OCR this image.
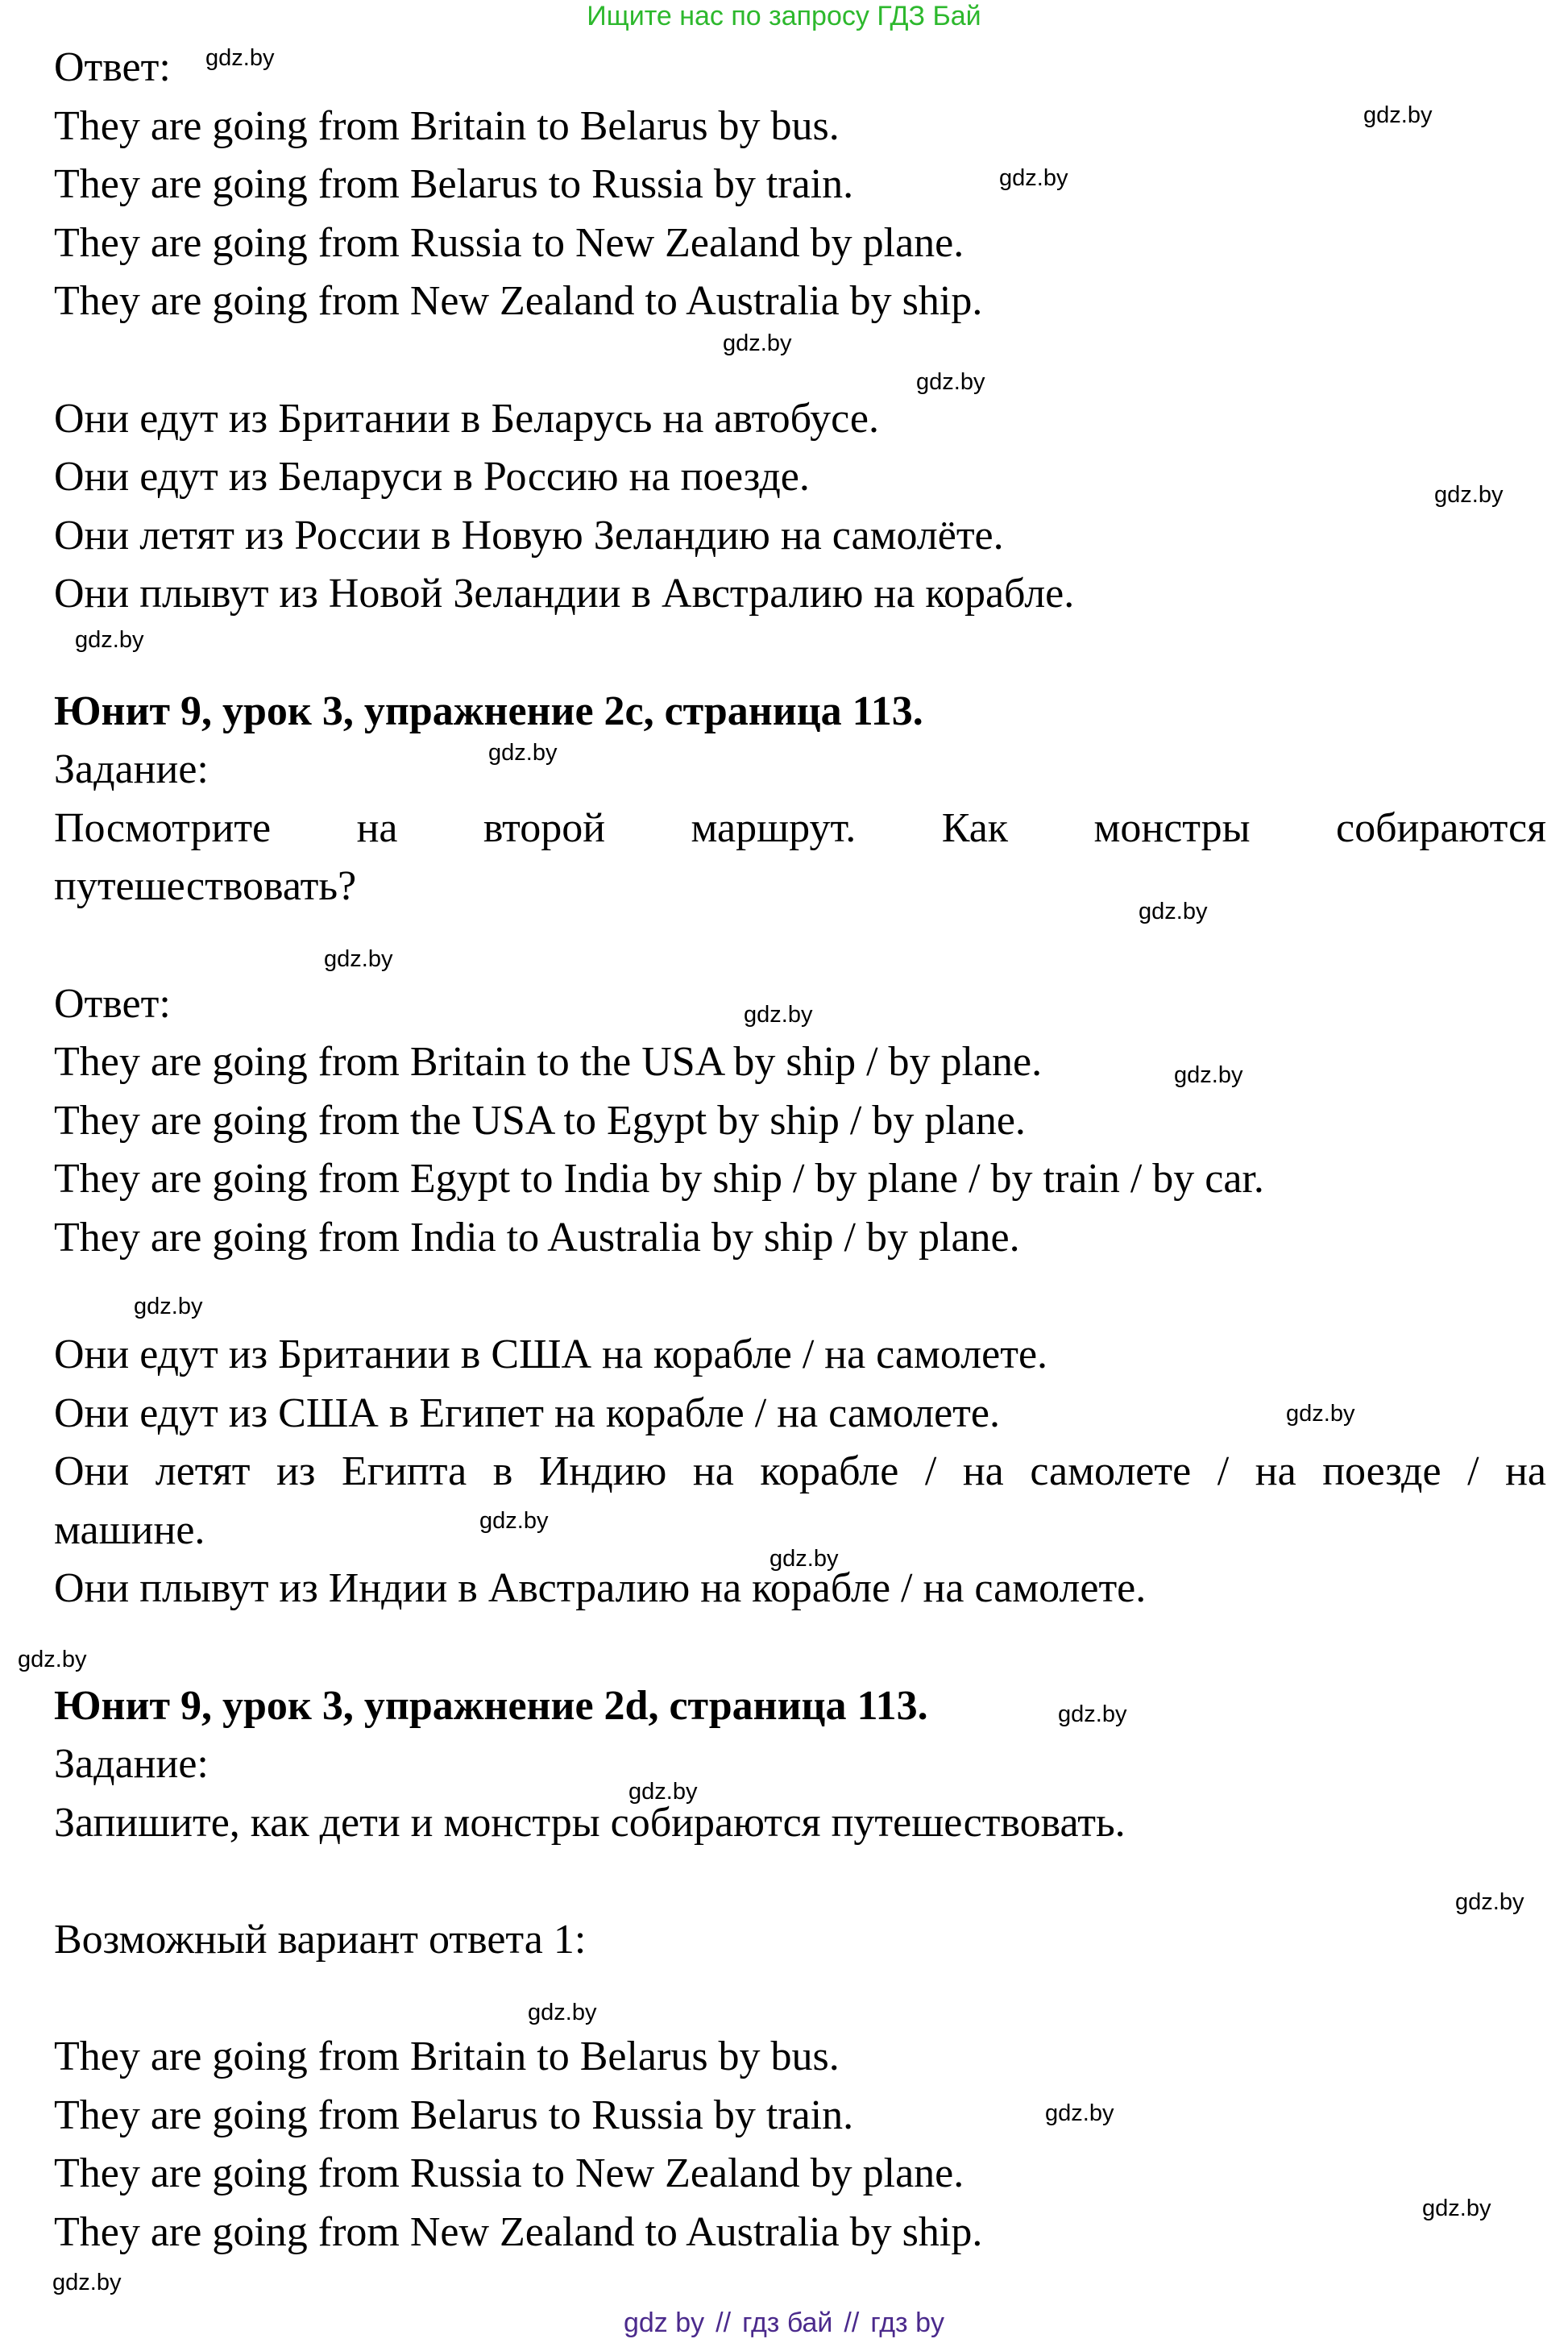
Ищите нас по запросу ГДЗ Бай
Ответ:
They are going from Britain to Belarus by bus.
They are going from Belarus to Russia by train.
They are going from Russia to New Zealand by plane.
They are going from New Zealand to Australia by ship.
Они едут из Британии в Беларусь на автобусе.
Они едут из Беларуси в Россию на поезде.
Они летят из России в Новую Зеландию на самолёте.
Они плывут из Новой Зеландии в Австралию на корабле.
Юнит 9, урок 3, упражнение 2c, страница 113.
Задание:
Посмотрите на второй маршрут. Как монстры собираются
путешествовать?
Ответ:
They are going from Britain to the USA by ship / by plane.
They are going from the USA to Egypt by ship / by plane.
They are going from Egypt to India by ship / by plane / by train / by car.
They are going from India to Australia by ship / by plane.
Они едут из Британии в США на корабле / на самолете.
Они едут из США в Египет на корабле / на самолете.
Они летят из Египта в Индию на корабле / на самолете / на поезде / на
машине.
Они плывут из Индии в Австралию на корабле / на самолете.
Юнит 9, урок 3, упражнение 2d, страница 113.
Задание:
Запишите, как дети и монстры собираются путешествовать.
Возможный вариант ответа 1:
They are going from Britain to Belarus by bus.
They are going from Belarus to Russia by train.
They are going from Russia to New Zealand by plane.
They are going from New Zealand to Australia by ship.
gdz.by
gdz.by
gdz.by
gdz.by
gdz.by
gdz.by
gdz.by
gdz.by
gdz.by
gdz.by
gdz.by
gdz.by
gdz.by
gdz.by
gdz.by
gdz.by
gdz.by
gdz.by
gdz.by
gdz.by
gdz.by
gdz.by
gdz.by
gdz.by
gdz by // гдз бай // гдз by
